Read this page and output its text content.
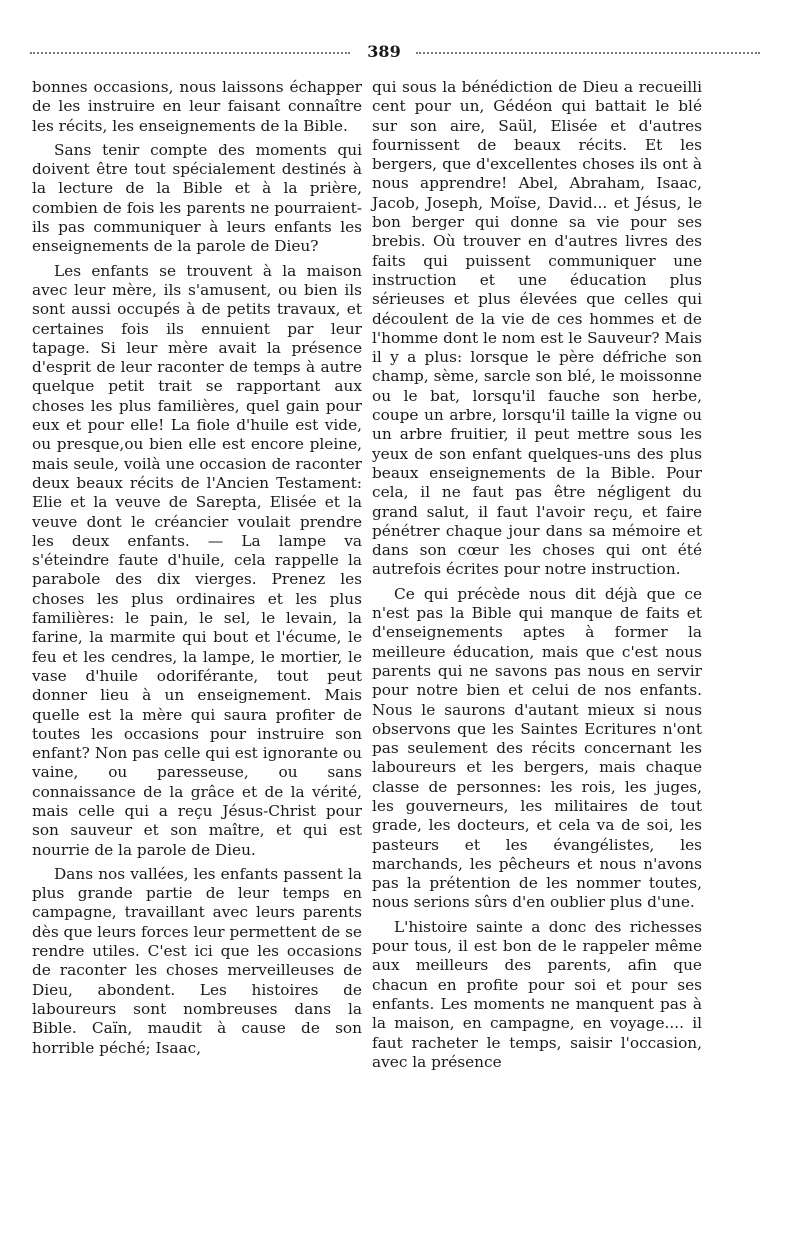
389

bonnes occasions, nous laissons échapper de les instruire en leur faisant connaître les récits, les enseignements de la Bible.

Sans tenir compte des moments qui doivent être tout spécialement destinés à la lecture de la Bible et à la prière, combien de fois les parents ne pourraient-ils pas communiquer à leurs enfants les enseignements de la parole de Dieu?

Les enfants se trouvent à la maison avec leur mère, ils s'amusent, ou bien ils sont aussi occupés à de petits travaux, et certaines fois ils ennuient par leur tapage. Si leur mère avait la présence d'esprit de leur raconter de temps à autre quelque petit trait se rapportant aux choses les plus familières, quel gain pour eux et pour elle! La fiole d'huile est vide, ou presque,ou bien elle est encore pleine, mais seule, voilà une occasion de raconter deux beaux récits de l'Ancien Testament: Elie et la veuve de Sarepta, Elisée et la veuve dont le créancier voulait prendre les deux enfants. — La lampe va s'éteindre faute d'huile, cela rappelle la parabole des dix vierges. Prenez les choses les plus ordinaires et les plus familières: le pain, le sel, le levain, la farine, la marmite qui bout et l'écume, le feu et les cendres, la lampe, le mortier, le vase d'huile odoriférante, tout peut donner lieu à un enseignement. Mais quelle est la mère qui saura profiter de toutes les occasions pour instruire son enfant? Non pas celle qui est ignorante ou vaine, ou paresseuse, ou sans connaissance de la grâce et de la vérité, mais celle qui a reçu Jésus-Christ pour son sauveur et son maître, et qui est nourrie de la parole de Dieu.

Dans nos vallées, les enfants passent la plus grande partie de leur temps en campagne, travaillant avec leurs parents dès que leurs forces leur permettent de se rendre utiles. C'est ici que les occasions de raconter les choses merveilleuses de Dieu, abondent. Les histoires de laboureurs sont nombreuses dans la Bible. Caïn, maudit à cause de son horrible péché; Isaac,

qui sous la bénédiction de Dieu a recueilli cent pour un, Gédéon qui battait le blé sur son aire, Saül, Elisée et d'autres fournissent de beaux récits. Et les bergers, que d'excellentes choses ils ont à nous apprendre! Abel, Abraham, Isaac, Jacob, Joseph, Moïse, David... et Jésus, le bon berger qui donne sa vie pour ses brebis. Où trouver en d'autres livres des faits qui puissent communiquer une instruction et une éducation plus sérieuses et plus élevées que celles qui découlent de la vie de ces hommes et de l'homme dont le nom est le Sauveur? Mais il y a plus: lorsque le père défriche son champ, sème, sarcle son blé, le moissonne ou le bat, lorsqu'il fauche son herbe, coupe un arbre, lorsqu'il taille la vigne ou un arbre fruitier, il peut mettre sous les yeux de son enfant quelques-uns des plus beaux enseignements de la Bible. Pour cela, il ne faut pas être négligent du grand salut, il faut l'avoir reçu, et faire pénétrer chaque jour dans sa mémoire et dans son cœur les choses qui ont été autrefois écrites pour notre instruction.

Ce qui précède nous dit déjà que ce n'est pas la Bible qui manque de faits et d'enseignements aptes à former la meilleure éducation, mais que c'est nous parents qui ne savons pas nous en servir pour notre bien et celui de nos enfants. Nous le saurons d'autant mieux si nous observons que les Saintes Ecritures n'ont pas seulement des récits concernant les laboureurs et les bergers, mais chaque classe de personnes: les rois, les juges, les gouverneurs, les militaires de tout grade, les docteurs, et cela va de soi, les pasteurs et les évangélistes, les marchands, les pêcheurs et nous n'avons pas la prétention de les nommer toutes, nous serions sûrs d'en oublier plus d'une.

L'histoire sainte a donc des richesses pour tous, il est bon de le rappeler même aux meilleurs des parents, afin que chacun en profite pour soi et pour ses enfants. Les moments ne manquent pas à la maison, en campagne, en voyage.... il faut racheter le temps, saisir l'occasion, avec la présence
